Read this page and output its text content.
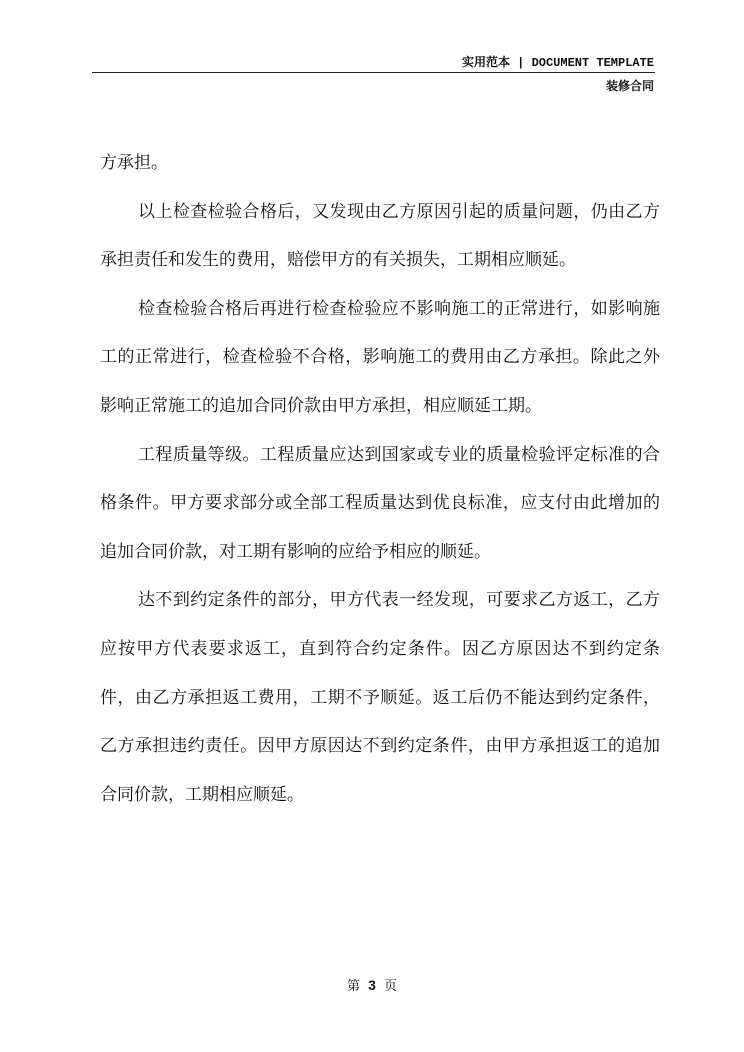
实用范本 | DOCUMENT TEMPLATE
装修合同

方承担。

以上检查检验合格后，又发现由乙方原因引起的质量问题，仍由乙方承担责任和发生的费用，赔偿甲方的有关损失，工期相应顺延。

检查检验合格后再进行检查检验应不影响施工的正常进行，如影响施工的正常进行，检查检验不合格，影响施工的费用由乙方承担。除此之外影响正常施工的追加合同价款由甲方承担，相应顺延工期。

工程质量等级。工程质量应达到国家或专业的质量检验评定标准的合格条件。甲方要求部分或全部工程质量达到优良标准，应支付由此增加的追加合同价款，对工期有影响的应给予相应的顺延。

达不到约定条件的部分，甲方代表一经发现，可要求乙方返工，乙方应按甲方代表要求返工，直到符合约定条件。因乙方原因达不到约定条件，由乙方承担返工费用，工期不予顺延。返工后仍不能达到约定条件，乙方承担违约责任。因甲方原因达不到约定条件，由甲方承担返工的追加合同价款，工期相应顺延。

第 3 页
